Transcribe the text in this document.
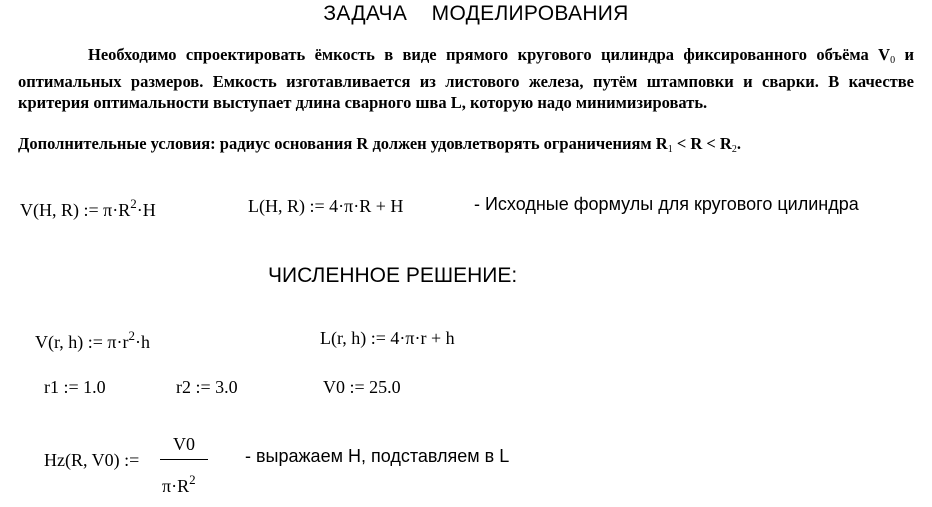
ЗАДАЧА    МОДЕЛИРОВАНИЯ
Необходимо спроектировать ёмкость в виде прямого кругового цилиндра фиксированного объёма $V_0$ и оптимальных размеров. Емкость изготавливается из листового железа, путём штамповки и сварки. В качестве критерия оптимальности выступает длина сварного шва L, которую надо минимизировать.
Дополнительные условия: радиус основания R должен удовлетворять ограничениям $R_1 < R < R_2$.
V(H, R) := $\pi\cdot R^2\cdot H$	L(H, R) := 4·π·R + H	- Исходные формулы для кругового цилиндра
ЧИСЛЕННОЕ РЕШЕНИЕ:
V(r, h) := $\pi\cdot r^2\cdot h$	L(r, h) := 4·π·r + h
r1 := 1.0	r2 := 3.0	V0 := 25.0
Hz(R, V0) :=
V0
$\pi\cdot R^2$
- выражаем H, подставляем в L
